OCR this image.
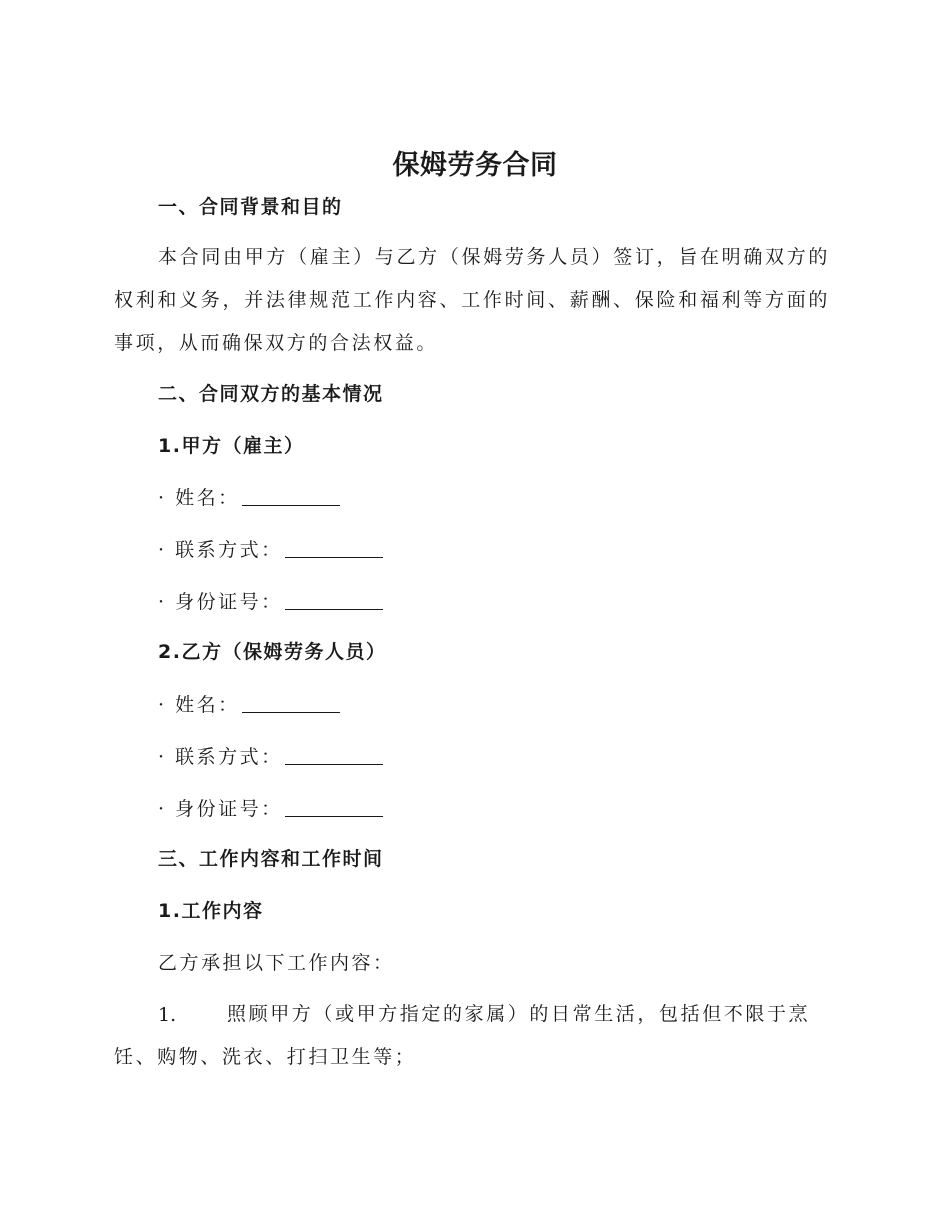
保姆劳务合同
一、合同背景和目的

本合同由甲方（雇主）与乙方（保姆劳务人员）签订，旨在明确双方的权利和义务，并法律规范工作内容、工作时间、薪酬、保险和福利等方面的事项，从而确保双方的合法权益。

二、合同双方的基本情况
1.甲方（雇主）
· 姓名：
· 联系方式：
· 身份证号：
2.乙方（保姆劳务人员）
· 姓名：
· 联系方式：
· 身份证号：
三、工作内容和工作时间
1.工作内容
乙方承担以下工作内容：
1.	照顾甲方（或甲方指定的家属）的日常生活，包括但不限于烹饪、购物、洗衣、打扫卫生等；
